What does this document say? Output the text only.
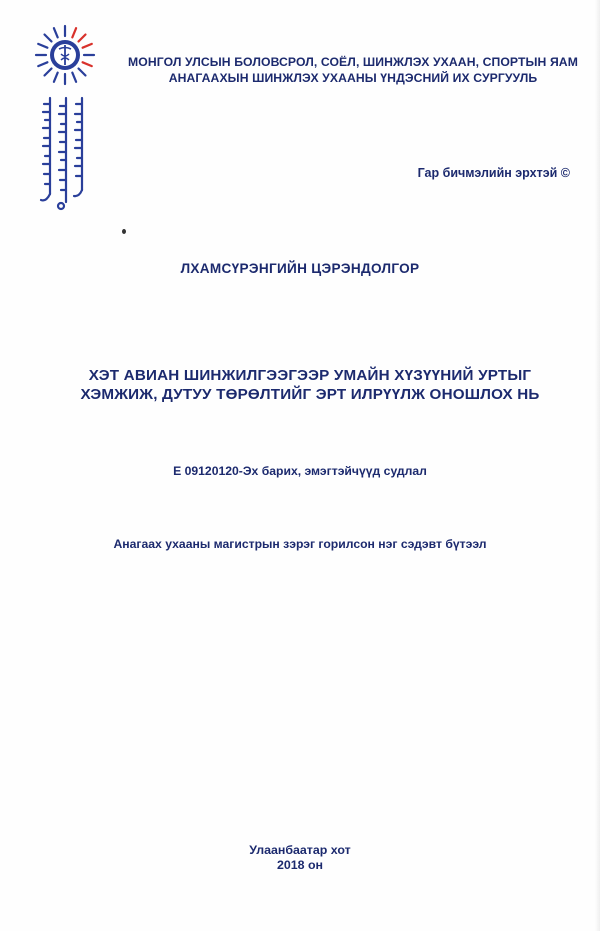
МОНГОЛ УЛСЫН БОЛОВСРОЛ, СОЁЛ, ШИНЖЛЭХ УХААН, СПОРТЫН ЯАМ
АНАГААХЫН ШИНЖЛЭХ УХААНЫ ҮНДЭСНИЙ ИХ СУРГУУЛЬ
Гар бичмэлийн эрхтэй ©
ЛХАМСҮРЭНГИЙН ЦЭРЭНДОЛГОР
ХЭТ АВИАН ШИНЖИЛГЭЭГЭЭР УМАЙН ХҮЗҮҮНИЙ УРТЫГ
ХЭМЖИЖ, ДУТУУ ТӨРӨЛТИЙГ ЭРТ ИЛРҮҮЛЖ ОНОШЛОХ НЬ
Е 09120120-Эх барих, эмэгтэйчүүд судлал
Анагаах ухааны магистрын зэрэг горилсон нэг сэдэвт бүтээл
Улаанбаатар хот
2018 он
